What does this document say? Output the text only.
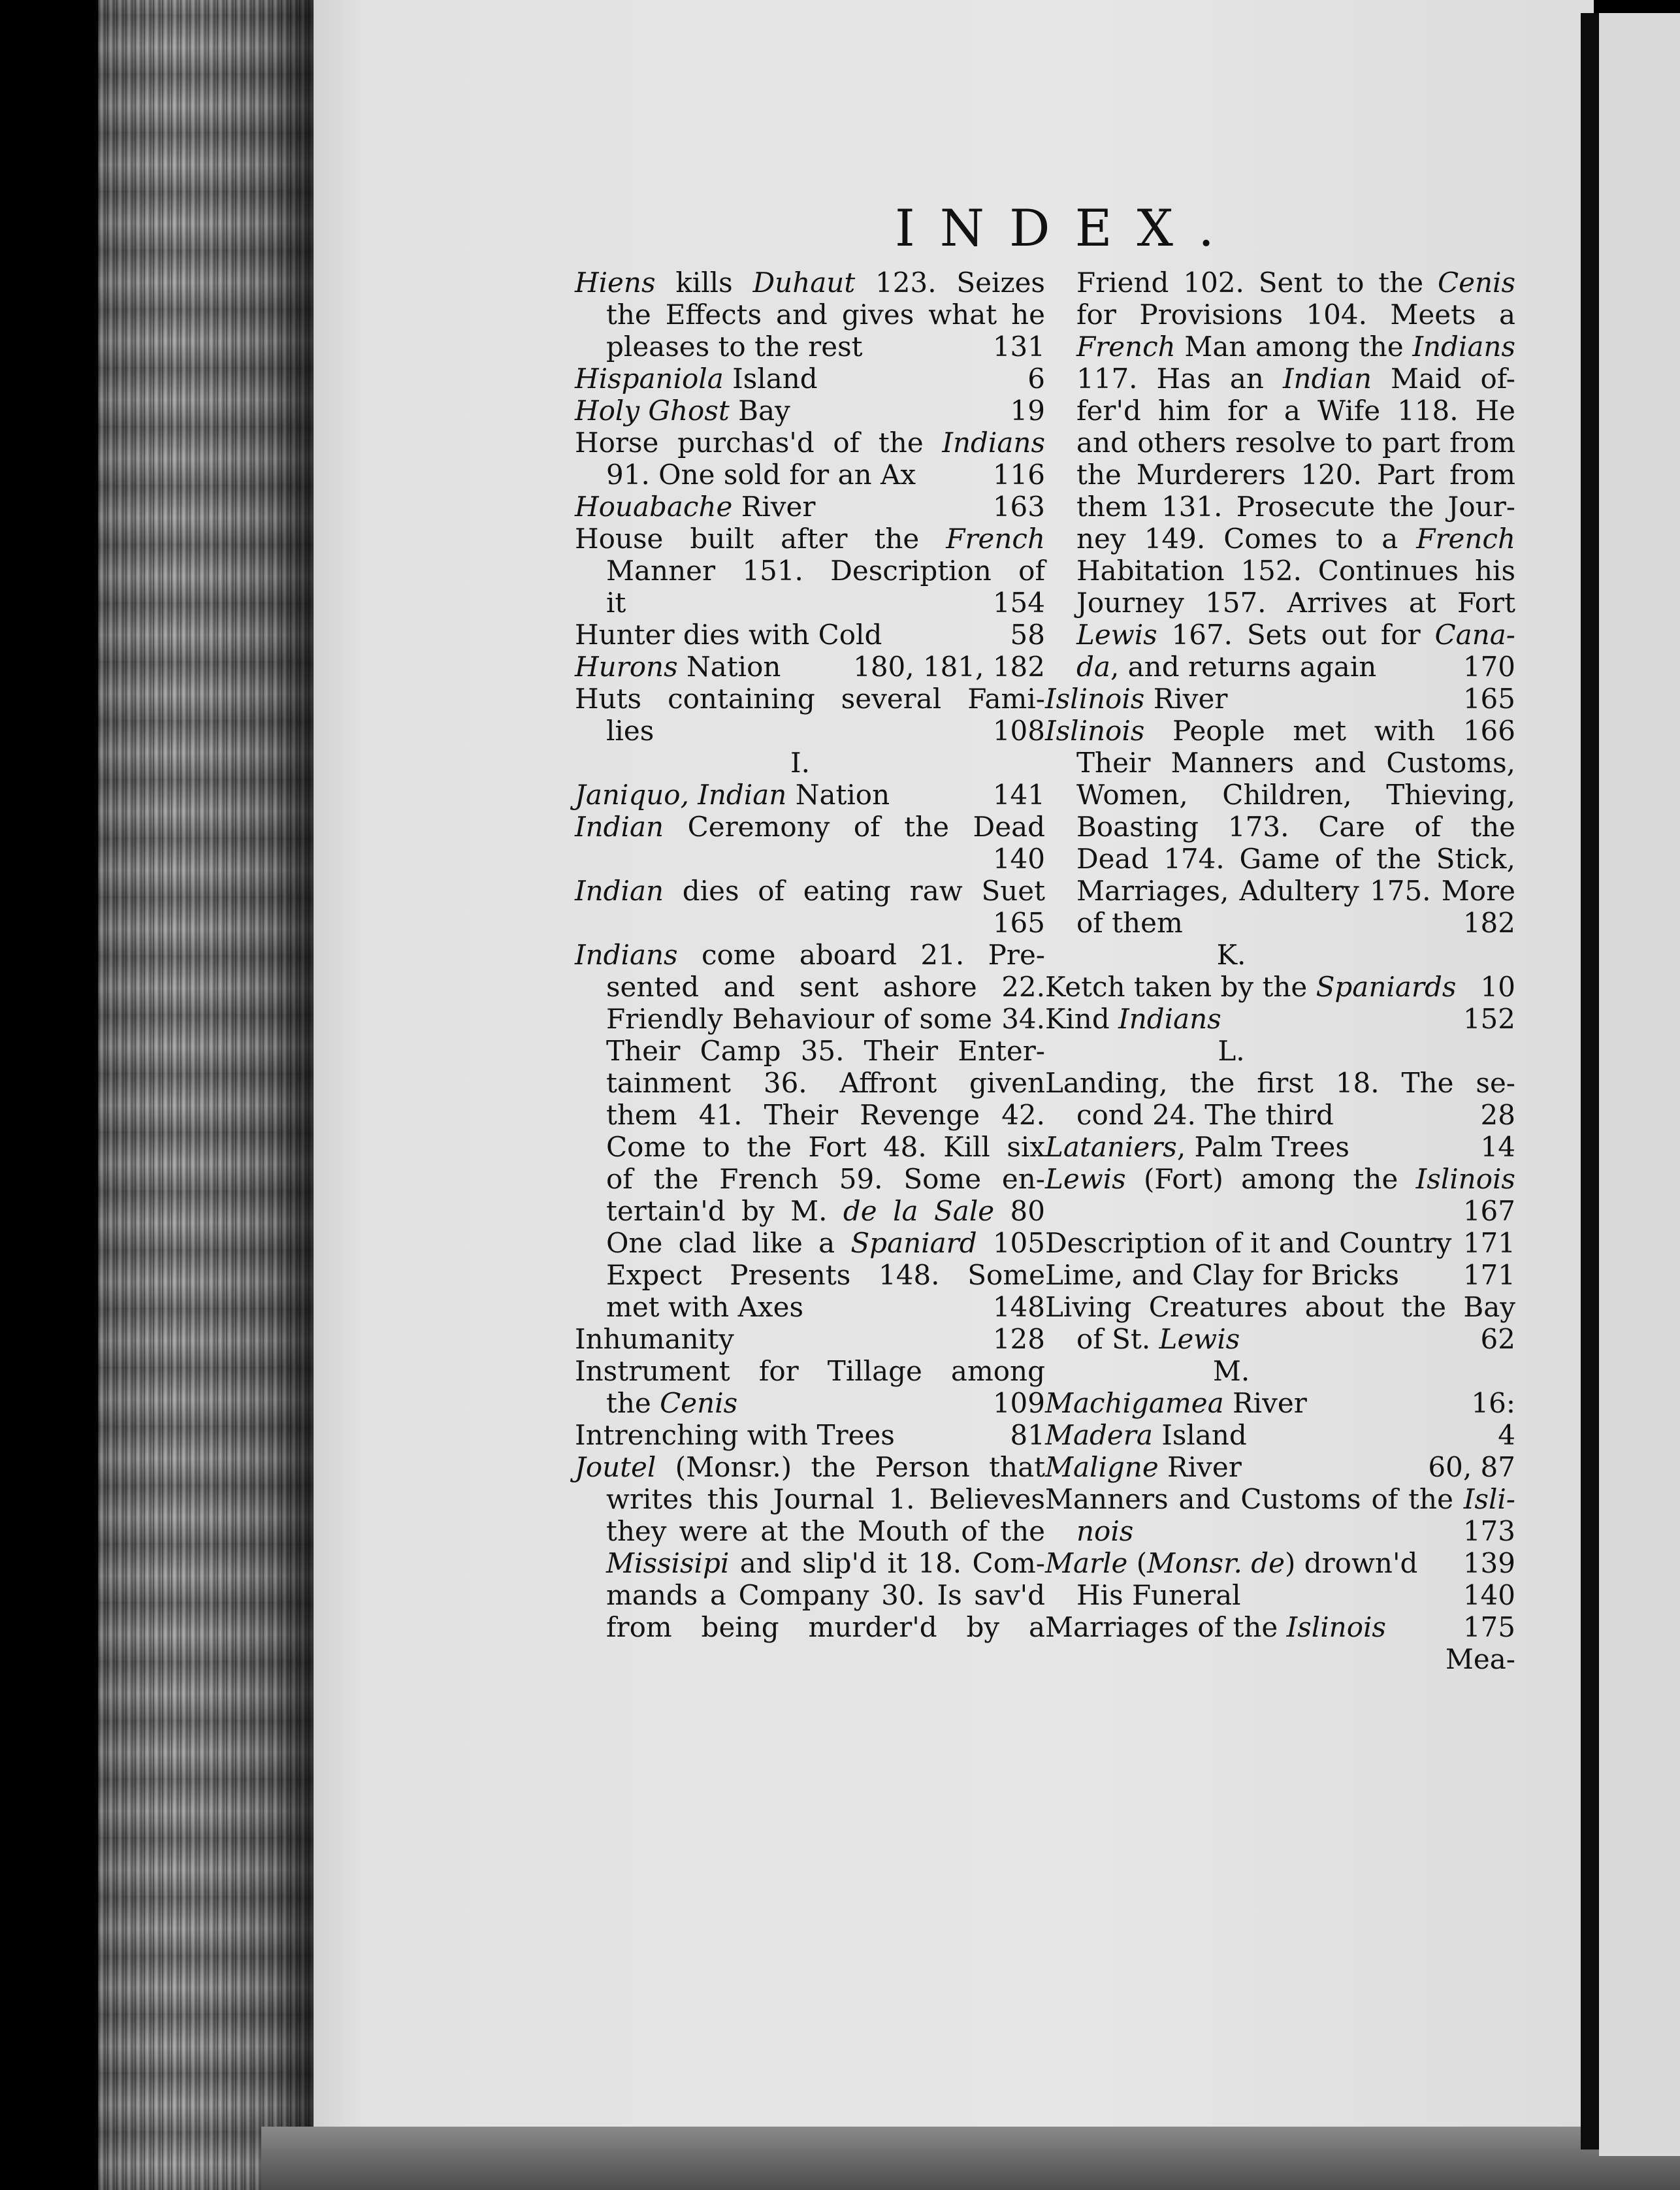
INDEX.
Hiens kills Duhaut 123. Seizes
the Effects and gives what he
pleases to the rest	131
Hispaniola Island	6
Holy Ghost Bay	19
Horse purchas'd of the Indians
91. One sold for an Ax	116
Houabache River	163
House built after the French
Manner 151. Description of
it	154
Hunter dies with Cold	58
Hurons Nation	180, 181, 182
Huts containing several Fami-
lies	108
I.
Janiquo, Indian Nation	141
Indian Ceremony of the Dead
140
Indian dies of eating raw Suet
165
Indians come aboard 21. Pre-
sented and sent ashore 22.
Friendly Behaviour of some 34.
Their Camp 35. Their Enter-
tainment 36. Affront given
them 41. Their Revenge 42.
Come to the Fort 48. Kill six
of the French 59. Some en-
tertain'd by M. de la Sale 80
One clad like a Spaniard 105
Expect Presents 148. Some
met with Axes	148
Inhumanity	128
Instrument for Tillage among
the Cenis	109
Intrenching with Trees	81
Joutel (Monsr.) the Person that
writes this Journal 1. Believes
they were at the Mouth of the
Missisipi and slip'd it 18. Com-
mands a Company 30. Is sav'd
from being murder'd by a
Friend 102. Sent to the Cenis
for Provisions 104. Meets a
French Man among the Indians
117. Has an Indian Maid of-
fer'd him for a Wife 118. He
and others resolve to part from
the Murderers 120. Part from
them 131. Prosecute the Jour-
ney 149. Comes to a French
Habitation 152. Continues his
Journey 157. Arrives at Fort
Lewis 167. Sets out for Cana-
da, and returns again	170
Islinois River	165
Islinois People met with 166
Their Manners and Customs,
Women, Children, Thieving,
Boasting 173. Care of the
Dead 174. Game of the Stick,
Marriages, Adultery 175. More
of them	182
K.
Ketch taken by the Spaniards 10
Kind Indians	152
L.
Landing, the first 18. The se-
cond 24. The third	28
Lataniers, Palm Trees	14
Lewis (Fort) among the Islinois
167
Description of it and Country 171
Lime, and Clay for Bricks 171
Living Creatures about the Bay
of St. Lewis	62
M.
Machigamea River	16:
Madera Island	4
Maligne River	60, 87
Manners and Customs of the Isli-
nois	173
Marle (Monsr. de) drown'd 139
His Funeral	140
Marriages of the Islinois	175
Mea-
